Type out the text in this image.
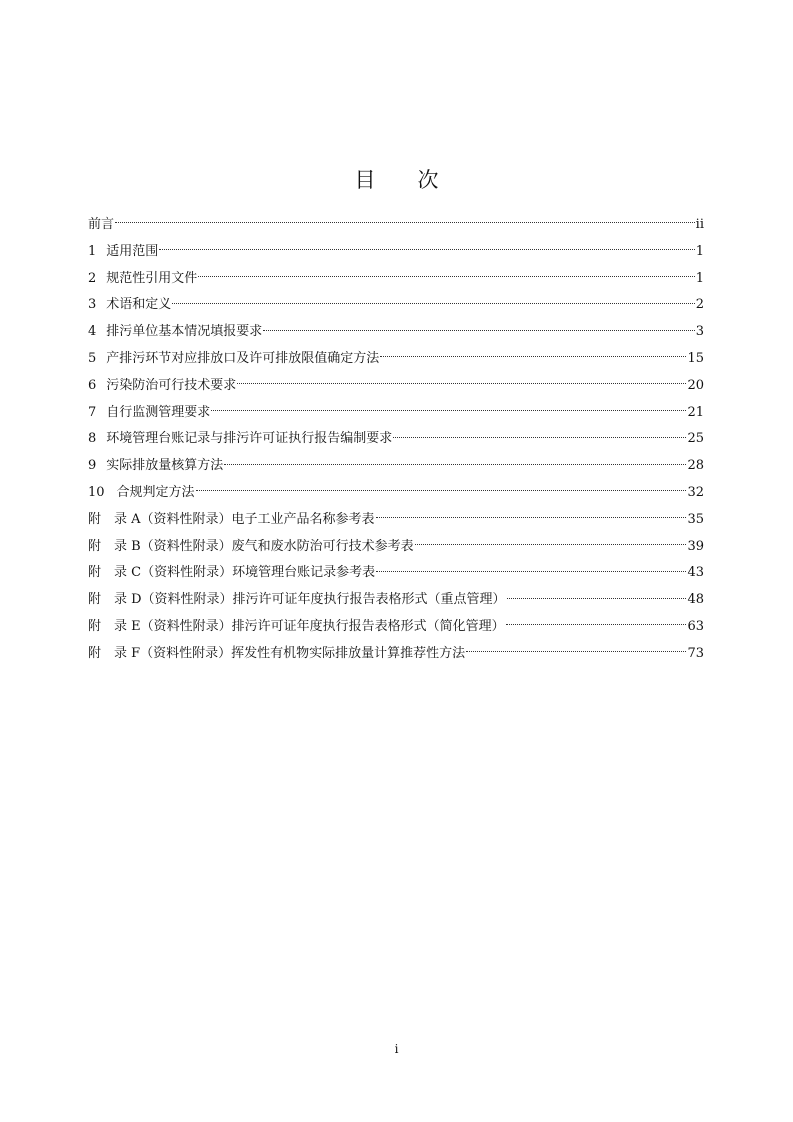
目　　次
前言	ii
1 适用范围	1
2 规范性引用文件	1
3 术语和定义	2
4 排污单位基本情况填报要求	3
5 产排污环节对应排放口及许可排放限值确定方法	15
6 污染防治可行技术要求	20
7 自行监测管理要求	21
8 环境管理台账记录与排污许可证执行报告编制要求	25
9 实际排放量核算方法	28
10 合规判定方法	32
附　录 A（资料性附录）电子工业产品名称参考表	35
附　录 B（资料性附录）废气和废水防治可行技术参考表	39
附　录 C（资料性附录）环境管理台账记录参考表	43
附　录 D（资料性附录）排污许可证年度执行报告表格形式（重点管理）	48
附　录 E（资料性附录）排污许可证年度执行报告表格形式（简化管理）	63
附　录 F（资料性附录）挥发性有机物实际排放量计算推荐性方法	73
i
